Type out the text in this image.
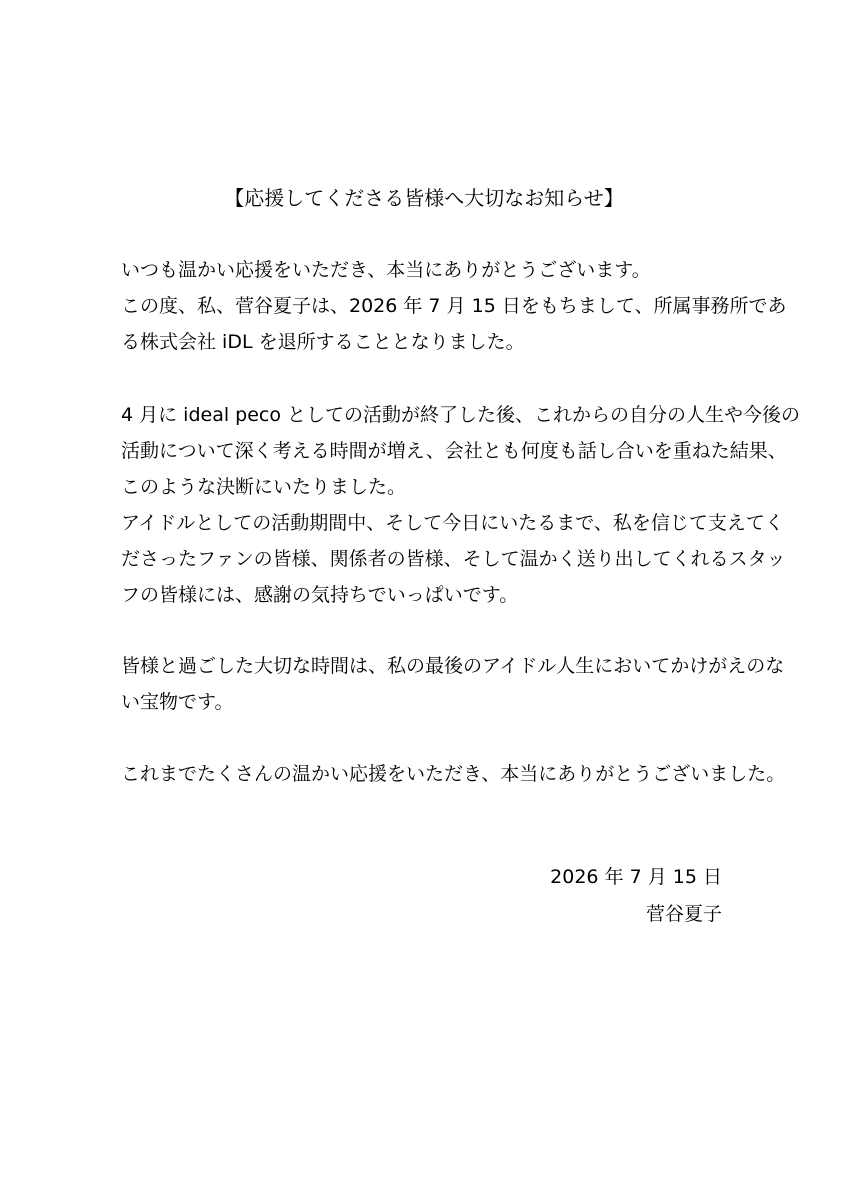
【応援してくださる皆様へ大切なお知らせ】
いつも温かい応援をいただき、本当にありがとうございます。
この度、私、菅谷夏子は、2026 年 7 月 15 日をもちまして、所属事務所であ
る株式会社 iDL を退所することとなりました。
4 月に ideal peco としての活動が終了した後、これからの自分の人生や今後の
活動について深く考える時間が増え、会社とも何度も話し合いを重ねた結果、
このような決断にいたりました。
アイドルとしての活動期間中、そして今日にいたるまで、私を信じて支えてく
ださったファンの皆様、関係者の皆様、そして温かく送り出してくれるスタッ
フの皆様には、感謝の気持ちでいっぱいです。
皆様と過ごした大切な時間は、私の最後のアイドル人生においてかけがえのな
い宝物です。
これまでたくさんの温かい応援をいただき、本当にありがとうございました。
2026 年 7 月 15 日
菅谷夏子
